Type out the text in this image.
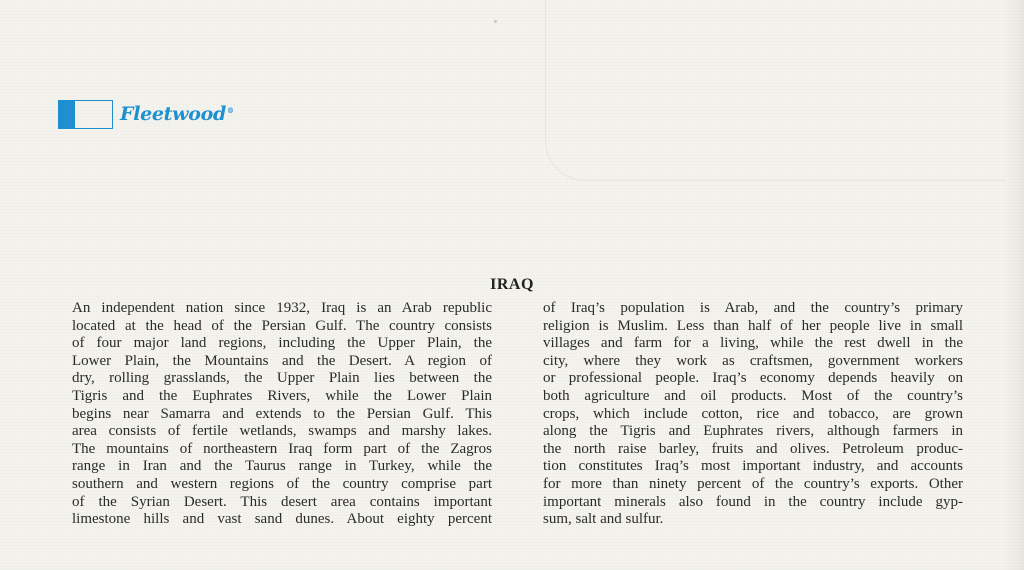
Fleetwood®
IRAQ
An independent nation since 1932, Iraq is an Arab republic
located at the head of the Persian Gulf. The country consists
of four major land regions, including the Upper Plain, the
Lower Plain, the Mountains and the Desert. A region of
dry, rolling grasslands, the Upper Plain lies between the
Tigris and the Euphrates Rivers, while the Lower Plain
begins near Samarra and extends to the Persian Gulf. This
area consists of fertile wetlands, swamps and marshy lakes.
The mountains of northeastern Iraq form part of the Zagros
range in Iran and the Taurus range in Turkey, while the
southern and western regions of the country comprise part
of the Syrian Desert. This desert area contains important
limestone hills and vast sand dunes. About eighty percent
of Iraq’s population is Arab, and the country’s primary
religion is Muslim. Less than half of her people live in small
villages and farm for a living, while the rest dwell in the
city, where they work as craftsmen, government workers
or professional people. Iraq’s economy depends heavily on
both agriculture and oil products. Most of the country’s
crops, which include cotton, rice and tobacco, are grown
along the Tigris and Euphrates rivers, although farmers in
the north raise barley, fruits and olives. Petroleum produc-
tion constitutes Iraq’s most important industry, and accounts
for more than ninety percent of the country’s exports. Other
important minerals also found in the country include gyp-
sum, salt and sulfur.
